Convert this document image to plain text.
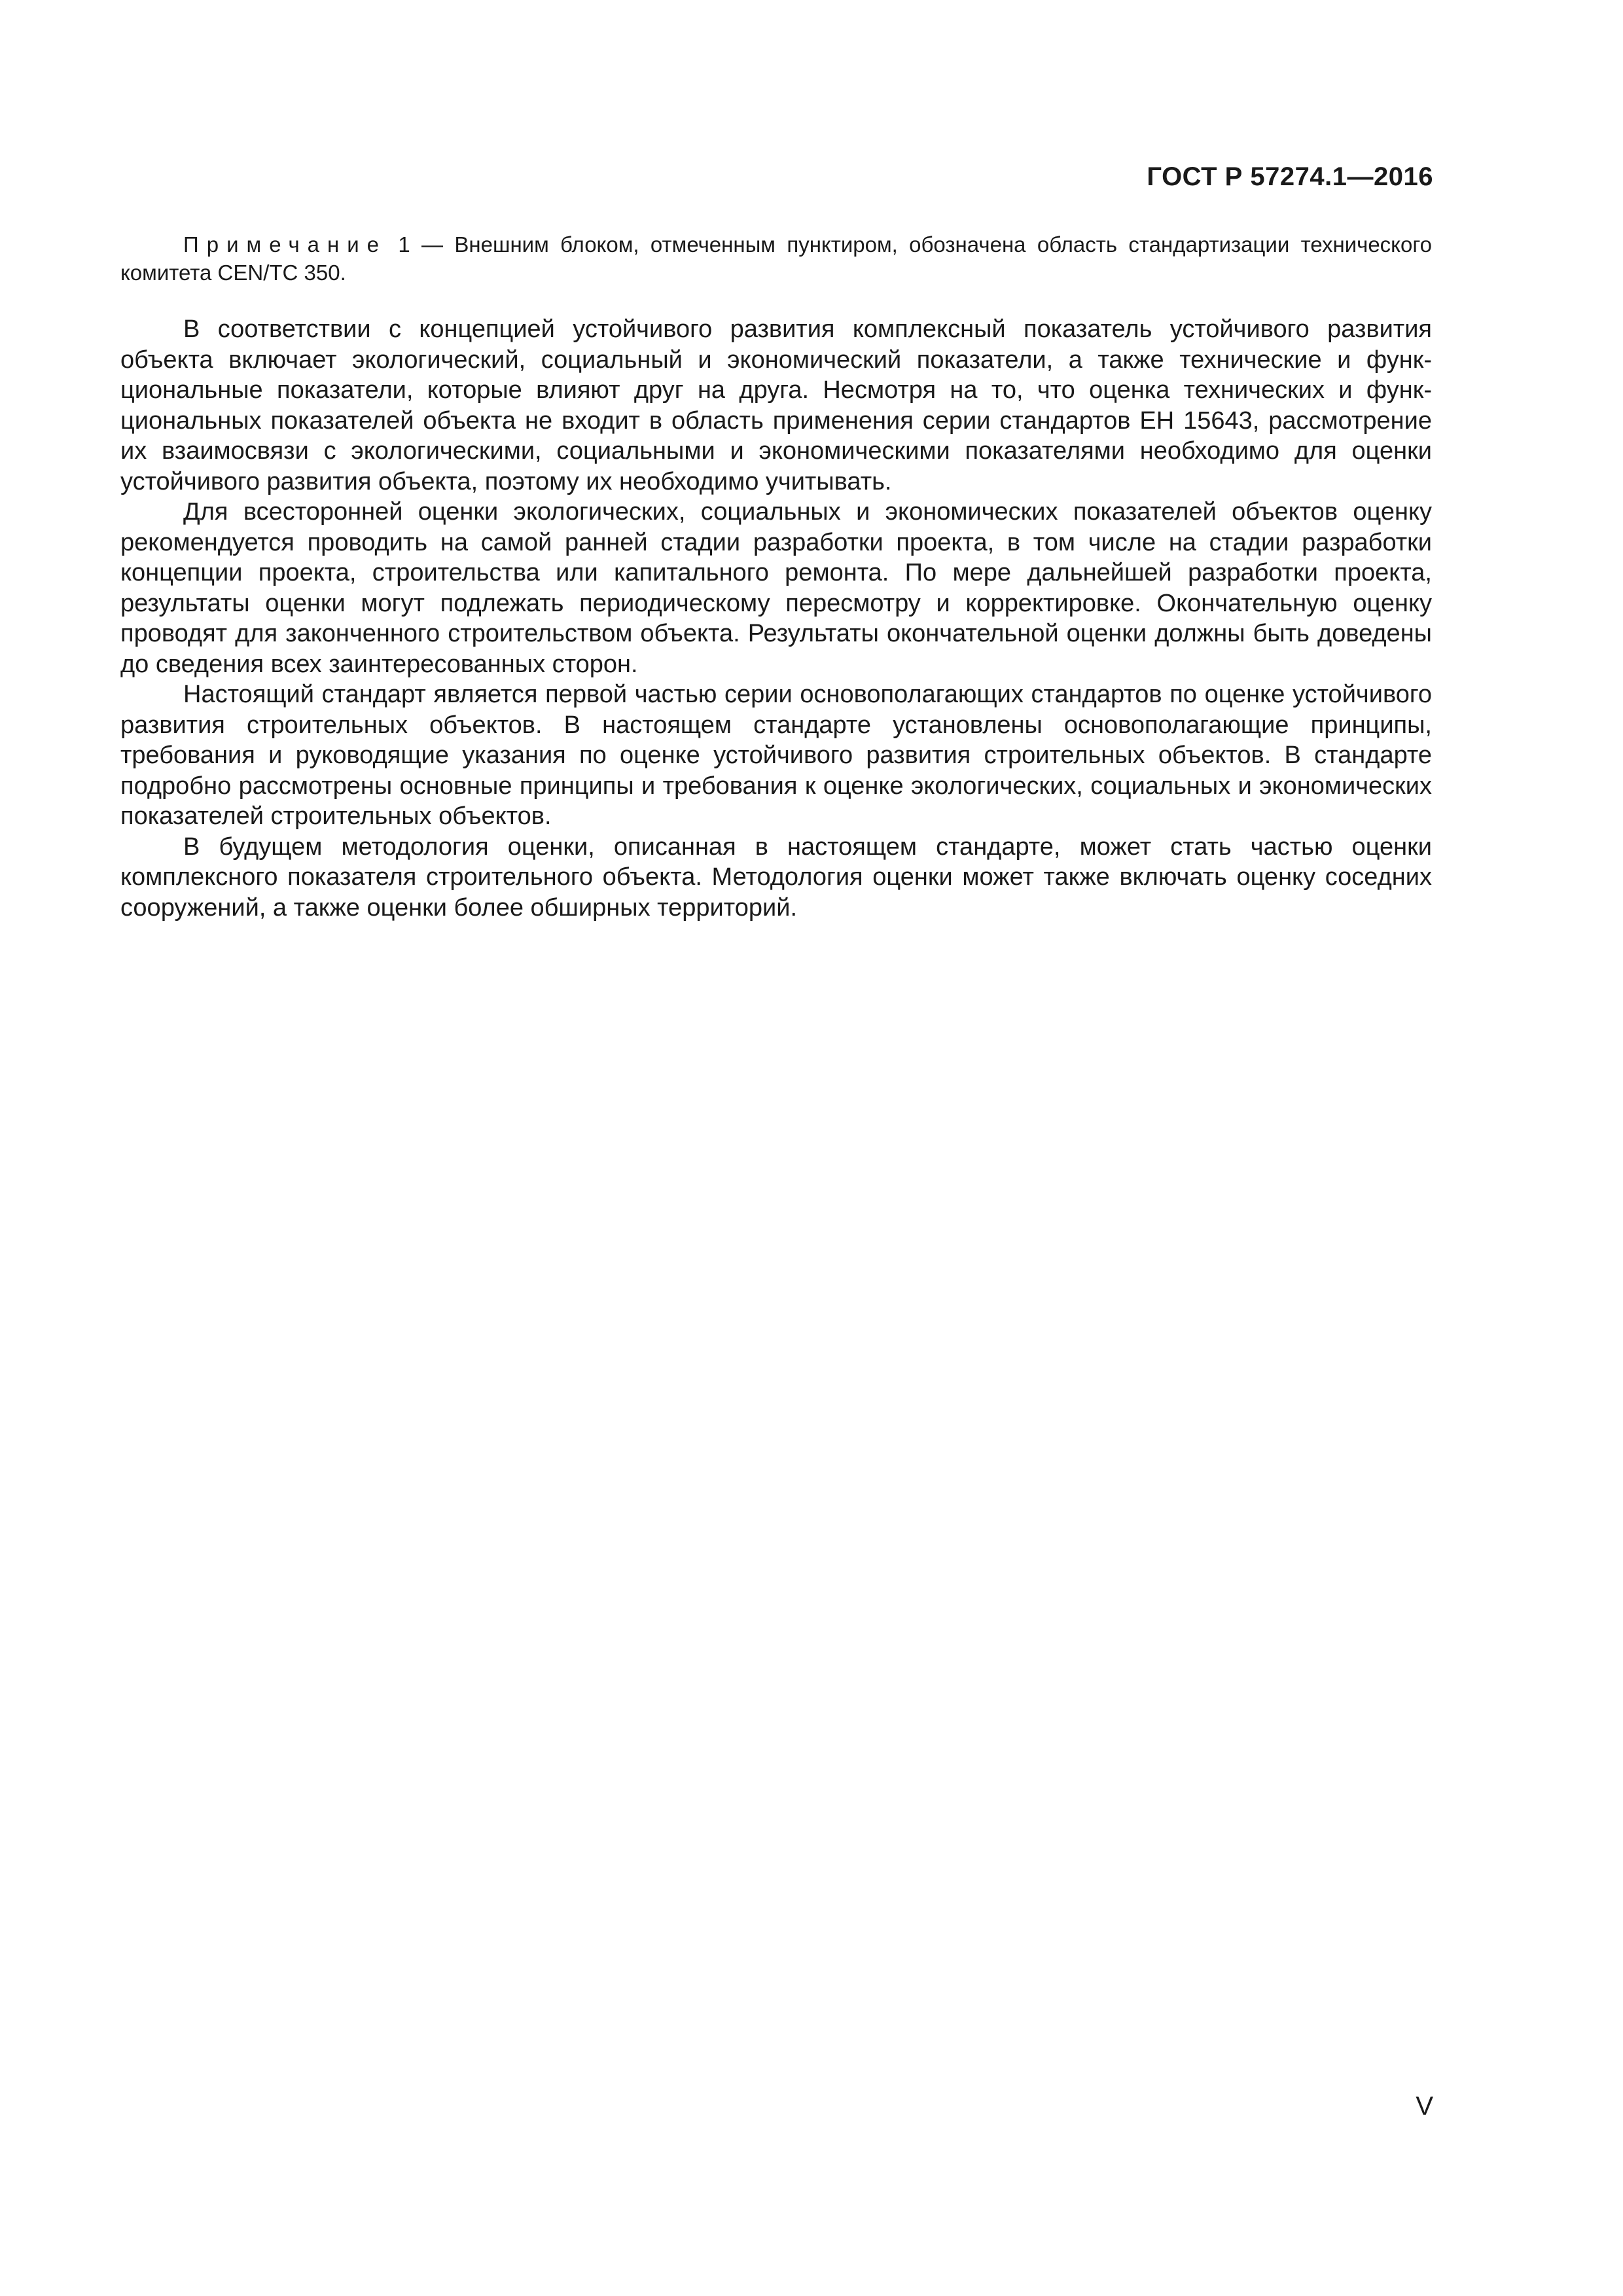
ГОСТ Р 57274.1—2016

Примечание 1 — Внешним блоком, отмеченным пунктиром, обозначена область стандартизации технического комитета CEN/TC 350.

В соответствии с концепцией устойчивого развития комплексный показатель устойчивого развития объекта включает экологический, социальный и экономический показатели, а также технические и функциональные показатели, которые влияют друг на друга. Несмотря на то, что оценка технических и функциональных показателей объекта не входит в область применения серии стандартов ЕН 15643, рассмотрение их взаимосвязи с экологическими, социальными и экономическими показателями необходимо для оценки устойчивого развития объекта, поэтому их необходимо учитывать.

Для всесторонней оценки экологических, социальных и экономических показателей объектов оценку рекомендуется проводить на самой ранней стадии разработки проекта, в том числе на стадии разработки концепции проекта, строительства или капитального ремонта. По мере дальнейшей разработки проекта, результаты оценки могут подлежать периодическому пересмотру и корректировке. Окончательную оценку проводят для законченного строительством объекта. Результаты окончательной оценки должны быть доведены до сведения всех заинтересованных сторон.

Настоящий стандарт является первой частью серии основополагающих стандартов по оценке устойчивого развития строительных объектов. В настоящем стандарте установлены основополагающие принципы, требования и руководящие указания по оценке устойчивого развития строительных объектов. В стандарте подробно рассмотрены основные принципы и требования к оценке экологических, социальных и экономических показателей строительных объектов.

В будущем методология оценки, описанная в настоящем стандарте, может стать частью оценки комплексного показателя строительного объекта. Методология оценки может также включать оценку соседних сооружений, а также оценки более обширных территорий.

V
